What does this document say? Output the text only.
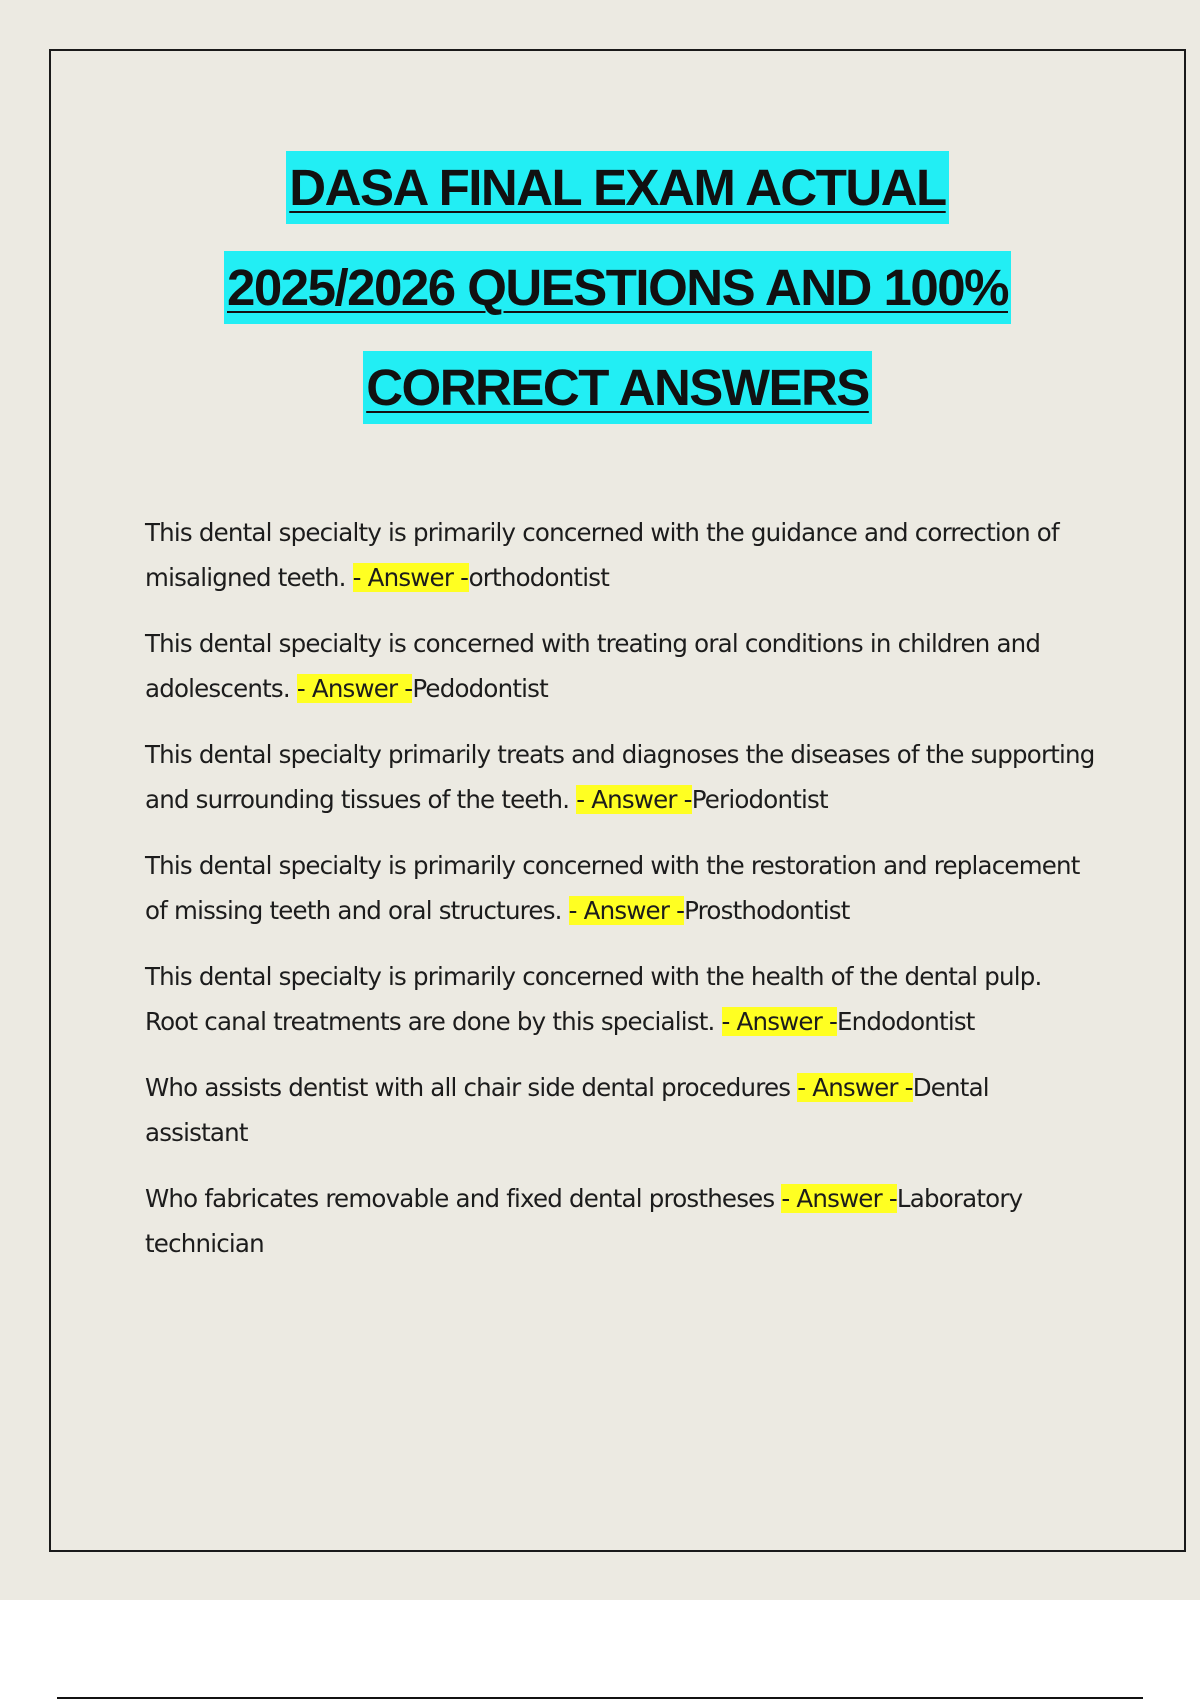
DASA FINAL EXAM ACTUAL
2025/2026 QUESTIONS AND 100%
CORRECT ANSWERS

This dental specialty is primarily concerned with the guidance and correction of misaligned teeth. - Answer -orthodontist

This dental specialty is concerned with treating oral conditions in children and adolescents. - Answer -Pedodontist

This dental specialty primarily treats and diagnoses the diseases of the supporting and surrounding tissues of the teeth. - Answer -Periodontist

This dental specialty is primarily concerned with the restoration and replacement of missing teeth and oral structures. - Answer -Prosthodontist

This dental specialty is primarily concerned with the health of the dental pulp. Root canal treatments are done by this specialist. - Answer -Endodontist

Who assists dentist with all chair side dental procedures - Answer -Dental assistant

Who fabricates removable and fixed dental prostheses - Answer -Laboratory technician
